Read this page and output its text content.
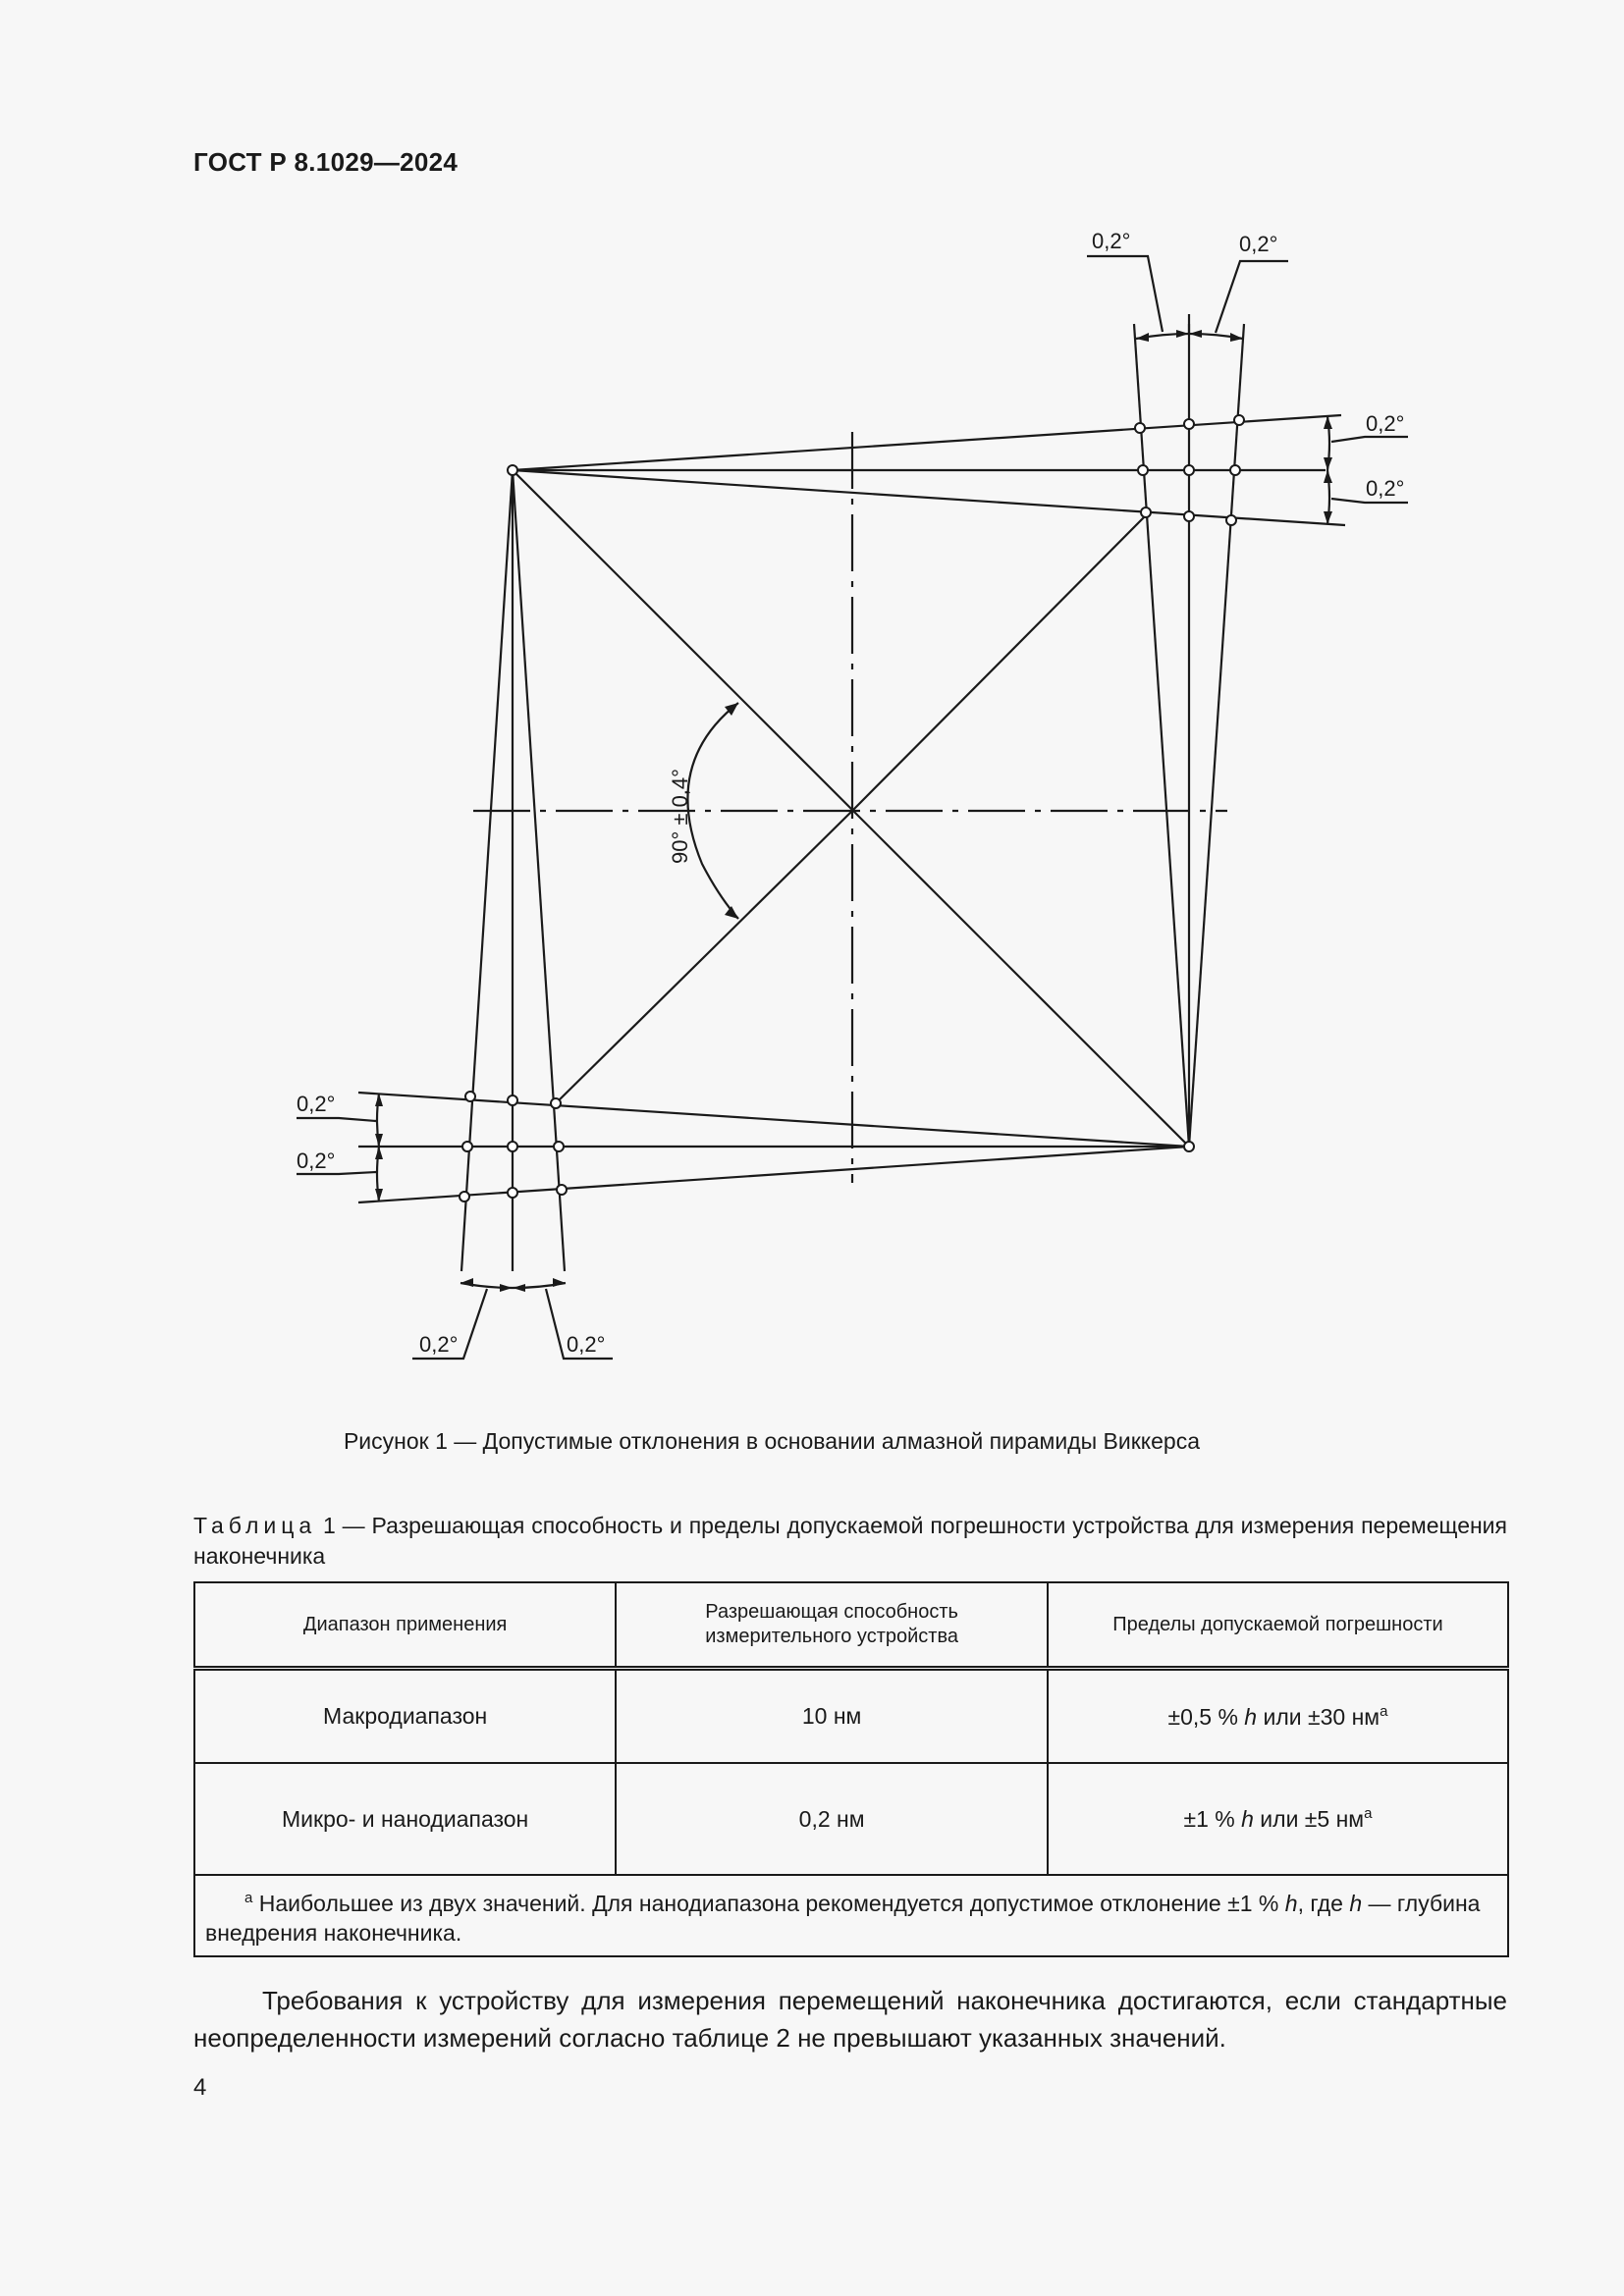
ГОСТ Р 8.1029—2024
0,2°	0,2°
0,2°
0,2°
0,2°
0,2°
0,2°	0,2°
90° ± 0,4°
Рисунок 1 — Допустимые отклонения в основании алмазной пирамиды Виккерса
Таблица 1 — Разрешающая способность и пределы допускаемой погрешности устройства для измерения перемещения наконечника
Диапазон применения	Разрешающая способность измерительного устройства	Пределы допускаемой погрешности
Макродиапазон	10 нм	±0,5 % h или ±30 $нм^a$
Микро- и нанодиапазон	0,2 нм	±1 % h или ±5 $нм^a$
$^a$ Наибольшее из двух значений. Для нанодиапазона рекомендуется допустимое отклонение ±1 % h, где h — глубина внедрения наконечника.		
Требования к устройству для измерения перемещений наконечника достигаются, если стандартные неопределенности измерений согласно таблице 2 не превышают указанных значений.
4
